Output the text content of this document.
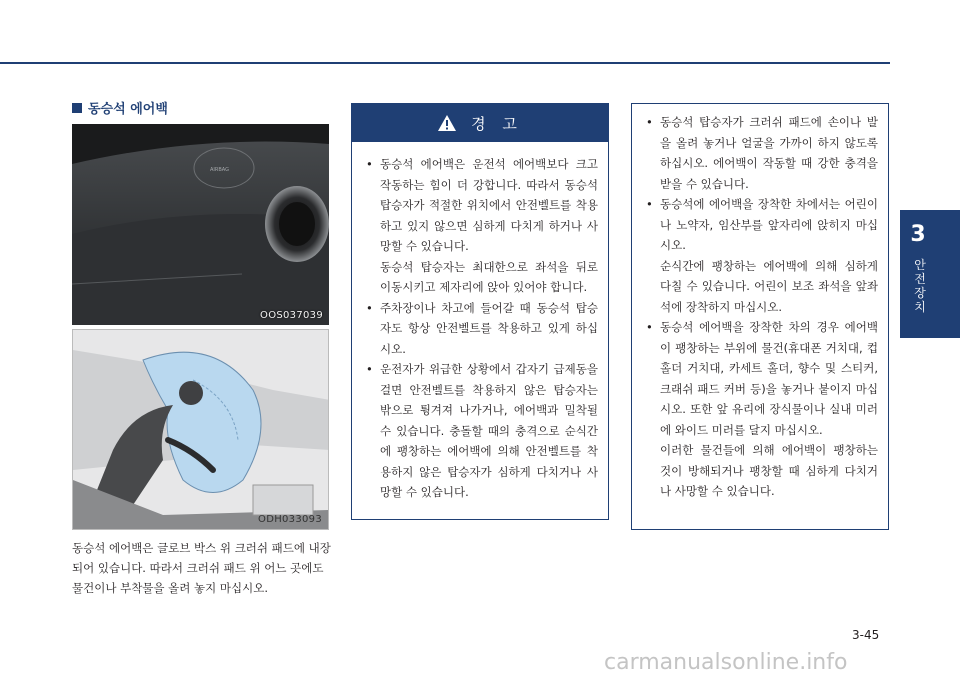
3
안전 장치
동승석 에어백
AIRBAG
OOS037039
ODH033093
동승석 에어백은 글로브 박스 위 크러쉬 패드에 내장되어 있습니다. 따라서 크러쉬 패드 위 어느 곳에도 물건이나 부착물을 올려 놓지 마십시오.
경 고
• 동승석 에어백은 운전석 에어백보다 크고 작동하는 힘이 더 강합니다. 따라서 동승석 탑승자가 적절한 위치에서 안전벨트를 착용하고 있지 않으면 심하게 다치게 하거나 사망할 수 있습니다.

동승석 탑승자는 최대한으로 좌석을 뒤로 이동시키고 제자리에 앉아 있어야 합니다.

• 주차장이나 차고에 들어갈 때 동승석 탑승자도 항상 안전벨트를 착용하고 있게 하십시오.

• 운전자가 위급한 상황에서 갑자기 급제동을 걸면 안전벨트를 착용하지 않은 탑승자는 밖으로 튕겨져 나가거나, 에어백과 밀착될 수 있습니다. 충돌할 때의 충격으로 순식간에 팽창하는 에어백에 의해 안전벨트를 착용하지 않은 탑승자가 심하게 다치거나 사망할 수 있습니다.

• 동승석 탑승자가 크러쉬 패드에 손이나 발을 올려 놓거나 얼굴을 가까이 하지 않도록 하십시오. 에어백이 작동할 때 강한 충격을 받을 수 있습니다.

• 동승석에 에어백을 장착한 차에서는 어린이나 노약자, 임산부를 앞자리에 앉히지 마십시오.

순식간에 팽창하는 에어백에 의해 심하게 다칠 수 있습니다. 어린이 보조 좌석을 앞좌석에 장착하지 마십시오.

• 동승석 에어백을 장착한 차의 경우 에어백이 팽창하는 부위에 물건(휴대폰 거치대, 컵홀더 거치대, 카세트 홀더, 향수 및 스티커, 크래쉬 패드 커버 등)을 놓거나 붙이지 마십시오. 또한 앞 유리에 장식물이나 실내 미러에 와이드 미러를 달지 마십시오.

이러한 물건들에 의해 에어백이 팽창하는 것이 방해되거나 팽창할 때 심하게 다치거나 사망할 수 있습니다.

3-45
carmanualsonline.info
